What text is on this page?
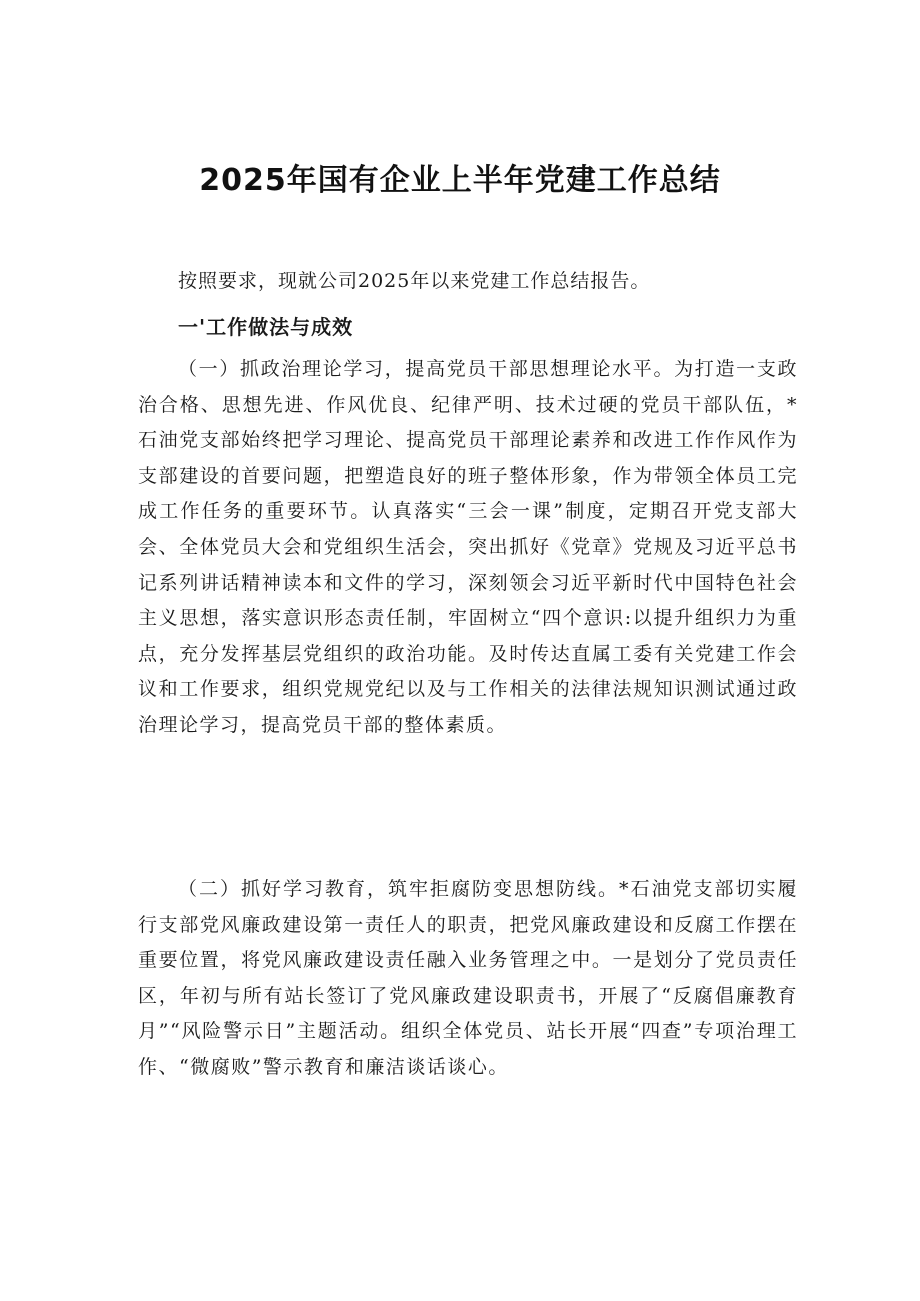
2025年国有企业上半年党建工作总结
按照要求，现就公司2025年以来党建工作总结报告。
一'工作做法与成效
（一）抓政治理论学习，提高党员干部思想理论水平。为打造一支政治合格、思想先进、作风优良、纪律严明、技术过硬的党员干部队伍，*石油党支部始终把学习理论、提高党员干部理论素养和改进工作作风作为支部建设的首要问题，把塑造良好的班子整体形象，作为带领全体员工完成工作任务的重要环节。认真落实“三会一课”制度，定期召开党支部大会、全体党员大会和党组织生活会，突出抓好《党章》党规及习近平总书记系列讲话精神读本和文件的学习，深刻领会习近平新时代中国特色社会主义思想，落实意识形态责任制，牢固树立“四个意识:以提升组织力为重点，充分发挥基层党组织的政治功能。及时传达直属工委有关党建工作会议和工作要求，组织党规党纪以及与工作相关的法律法规知识测试通过政治理论学习，提高党员干部的整体素质。
（二）抓好学习教育，筑牢拒腐防变思想防线。*石油党支部切实履行支部党风廉政建设第一责任人的职责，把党风廉政建设和反腐工作摆在重要位置，将党风廉政建设责任融入业务管理之中。一是划分了党员责任区，年初与所有站长签订了党风廉政建设职责书，开展了“反腐倡廉教育月”“风险警示日”主题活动。组织全体党员、站长开展“四查”专项治理工作、“微腐败”警示教育和廉洁谈话谈心。
